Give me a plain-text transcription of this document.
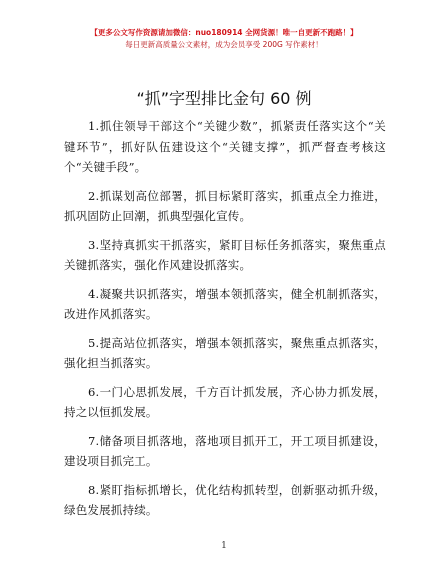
【更多公文写作资源请加微信：nuo180914 全网货源！唯一自更新不跑路！】
每日更新高质量公文素材，成为会员享受 200G 写作素材！
“抓”字型排比金句 60 例

1.抓住领导干部这个“关键少数”，抓紧责任落实这个“关键环节”，抓好队伍建设这个“关键支撑”，抓严督查考核这个“关键手段”。

2.抓谋划高位部署，抓目标紧盯落实，抓重点全力推进，抓巩固防止回潮，抓典型强化宣传。

3.坚持真抓实干抓落实，紧盯目标任务抓落实，聚焦重点关键抓落实，强化作风建设抓落实。

4.凝聚共识抓落实，增强本领抓落实，健全机制抓落实，改进作风抓落实。

5.提高站位抓落实，增强本领抓落实，聚焦重点抓落实，强化担当抓落实。

6.一门心思抓发展，千方百计抓发展，齐心协力抓发展，持之以恒抓发展。

7.储备项目抓落地，落地项目抓开工，开工项目抓建设，建设项目抓完工。

8.紧盯指标抓增长，优化结构抓转型，创新驱动抓升级，绿色发展抓持续。

1
